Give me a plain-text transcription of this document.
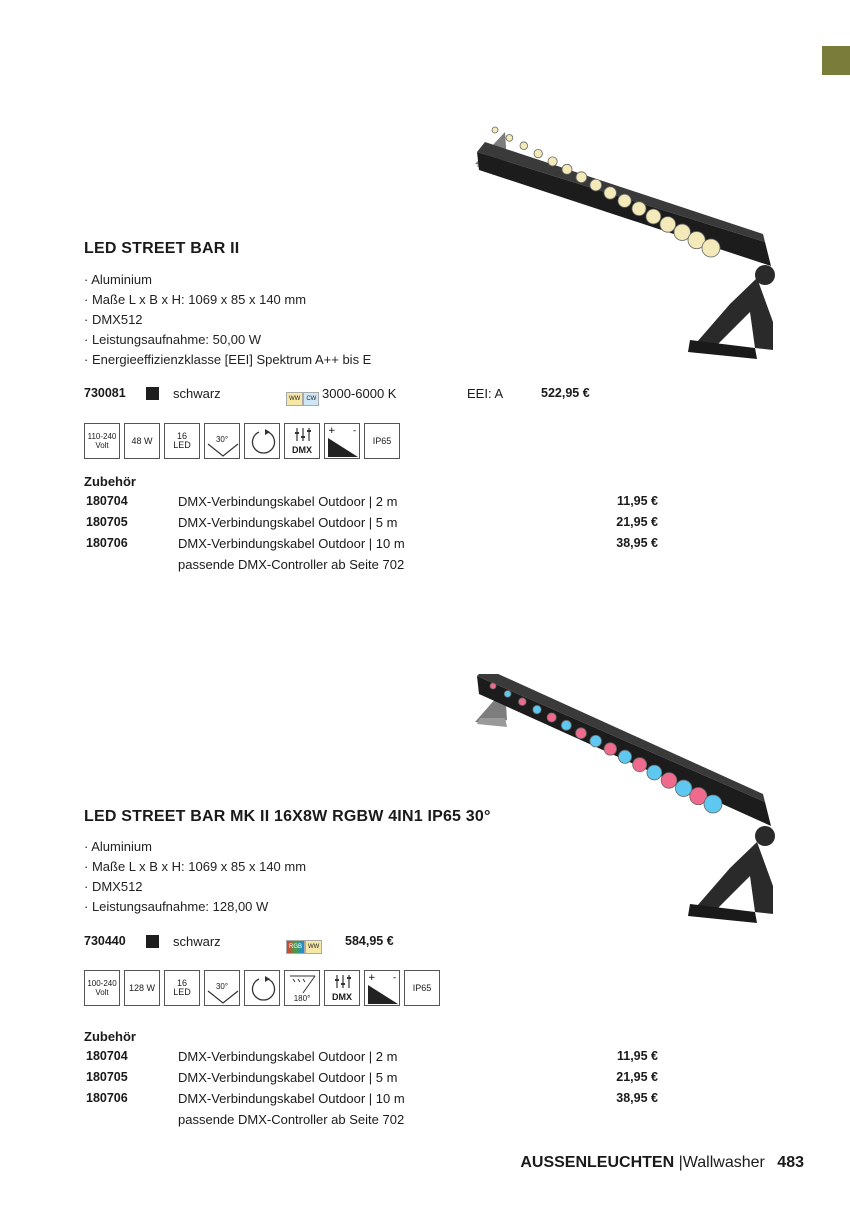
LED STREET BAR II
· Aluminium
· Maße L x B x H: 1069 x 85 x 140 mm
· DMX512
· Leistungsaufnahme: 50,00 W
· Energieeffizienzklasse [EEI] Spektrum A++ bis E
730081	schwarz	WW CW 3000-6000 K	EEI: A	522,95 €
110-240
Volt	48 W	16
LED
30°
DMX
+ -
IP65
Zubehör
180704	DMX-Verbindungskabel Outdoor | 2 m	11,95 €
180705	DMX-Verbindungskabel Outdoor | 5 m	21,95 €
180706	DMX-Verbindungskabel Outdoor | 10 m	38,95 €
passende DMX-Controller ab Seite 702
LED STREET BAR MK II 16X8W RGBW 4IN1 IP65 30°
· Aluminium
· Maße L x B x H: 1069 x 85 x 140 mm
· DMX512
· Leistungsaufnahme: 128,00 W
730440	schwarz	RGB WW 584,95 €
100-240
Volt	128 W	16
LED
30°
180° DMX
+ -
IP65
Zubehör
180704	DMX-Verbindungskabel Outdoor | 2 m	11,95 €
180705	DMX-Verbindungskabel Outdoor | 5 m	21,95 €
180706	DMX-Verbindungskabel Outdoor | 10 m	38,95 €
passende DMX-Controller ab Seite 702
AUSSENLEUCHTEN |Wallwasher 483
